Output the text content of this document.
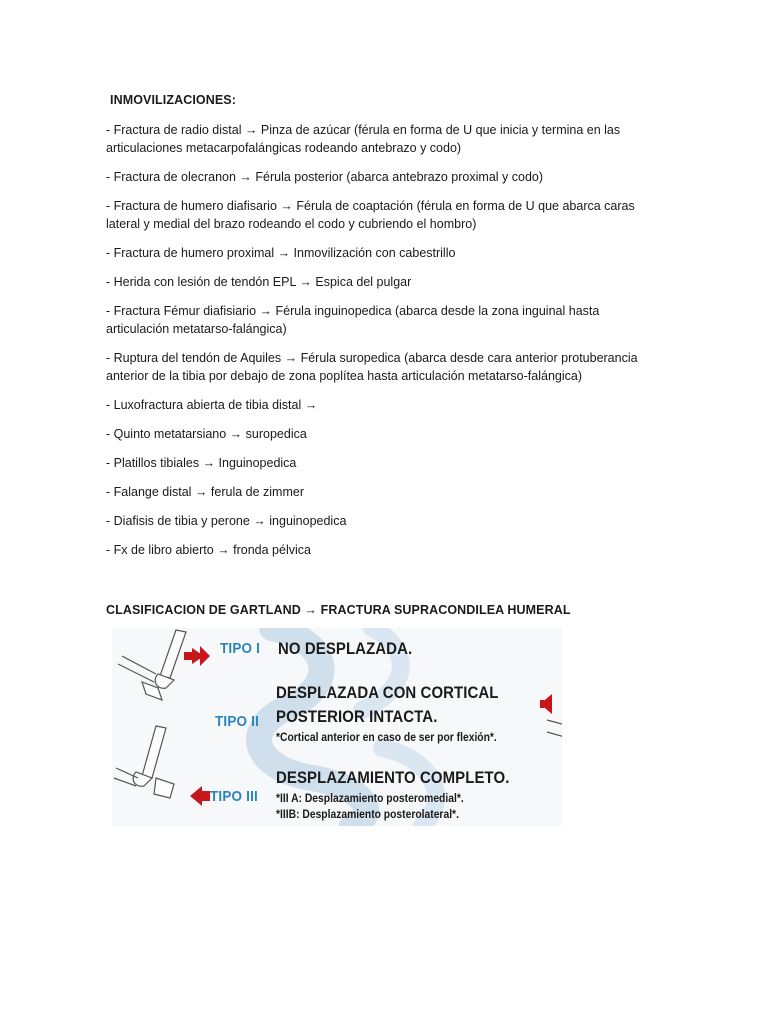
INMOVILIZACIONES:
- Fractura de radio distal → Pinza de azúcar (férula en forma de U que inicia y termina en las articulaciones metacarpofalángicas rodeando antebrazo y codo)
- Fractura de olecranon → Férula posterior (abarca antebrazo proximal y codo)
- Fractura de humero diafisario → Férula de coaptación (férula en forma de U que abarca caras lateral y medial del brazo rodeando el codo y cubriendo el hombro)
- Fractura de humero proximal → Inmovilización con cabestrillo
- Herida con lesión de tendón EPL → Espica del pulgar
- Fractura Fémur diafisiario → Férula inguinopedica (abarca desde la zona inguinal hasta articulación metatarso-falángica)
- Ruptura del tendón de Aquiles → Férula suropedica (abarca desde cara anterior protuberancia anterior de la tibia por debajo de zona poplítea hasta articulación metatarso-falángica)
- Luxofractura abierta de tibia distal →
- Quinto metatarsiano → suropedica
- Platillos tibiales → Inguinopedica
- Falange distal → ferula de zimmer
- Diafisis de tibia y perone → inguinopedica
- Fx de libro abierto → fronda pélvica
CLASIFICACION DE GARTLAND → FRACTURA SUPRACONDILEA HUMERAL
TIPO I NO DESPLAZADA.
DESPLAZADA CON CORTICAL
TIPO II POSTERIOR INTACTA.
*Cortical anterior en caso de ser por flexión*.
DESPLAZAMIENTO COMPLETO.
TIPO III *III A: Desplazamiento posteromedial*.
*IIIB: Desplazamiento posterolateral*.
